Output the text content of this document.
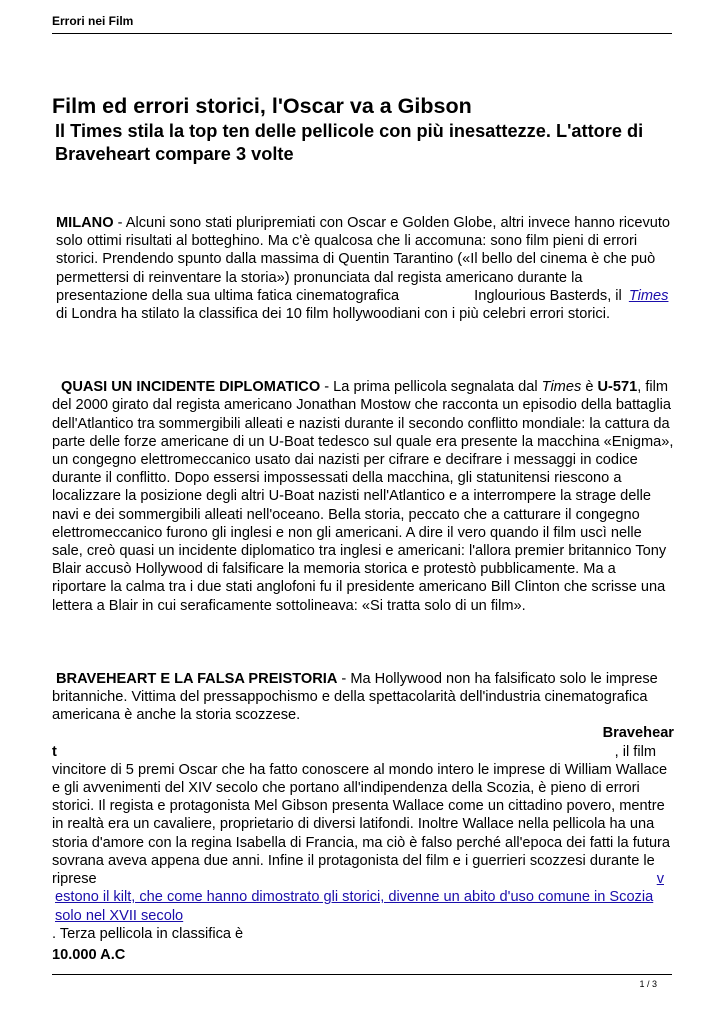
Errori nei Film
Film ed errori storici, l'Oscar va a Gibson
Il Times stila la top ten delle pellicole con più inesattezze. L'attore di Braveheart compare 3 volte

MILANO - Alcuni sono stati pluripremiati con Oscar e Golden Globe, altri invece hanno ricevuto solo ottimi risultati al botteghino. Ma c'è qualcosa che li accomuna: sono film pieni di errori storici. Prendendo spunto dalla massima di Quentin Tarantino («Il bello del cinema è che può permettersi di reinventare la storia») pronunciata dal regista americano durante la presentazione della sua ultima fatica cinematografica	Inglourious Basterds, il Times
di Londra ha stilato la classifica dei 10 film hollywoodiani con i più celebri errori storici.

QUASI UN INCIDENTE DIPLOMATICO - La prima pellicola segnalata dal Times è U-571, film del 2000 girato dal regista americano Jonathan Mostow che racconta un episodio della battaglia dell'Atlantico tra sommergibili alleati e nazisti durante il secondo conflitto mondiale: la cattura da parte delle forze americane di un U-Boat tedesco sul quale era presente la macchina «Enigma», un congegno elettromeccanico usato dai nazisti per cifrare e decifrare i messaggi in codice durante il conflitto. Dopo essersi impossessati della macchina, gli statunitensi riescono a localizzare la posizione degli altri U-Boat nazisti nell'Atlantico e a interrompere la strage delle navi e dei sommergibili alleati nell'oceano. Bella storia, peccato che a catturare il congegno elettromeccanico furono gli inglesi e non gli americani. A dire il vero quando il film uscì nelle sale, creò quasi un incidente diplomatico tra inglesi e americani: l'allora premier britannico Tony Blair accusò Hollywood di falsificare la memoria storica e protestò pubblicamente. Ma a riportare la calma tra i due stati anglofoni fu il presidente americano Bill Clinton che scrisse una lettera a Blair in cui seraficamente sottolineava: «Si tratta solo di un film».

BRAVEHEART E LA FALSA PREISTORIA - Ma Hollywood non ha falsificato solo le imprese britanniche. Vittima del pressappochismo e della spettacolarità dell'industria cinematografica americana è anche la storia scozzese.
Bravehear
t	, il film
vincitore di 5 premi Oscar che ha fatto conoscere al mondo intero le imprese di William Wallace e gli avvenimenti del XIV secolo che portano all'indipendenza della Scozia, è pieno di errori storici. Il regista e protagonista Mel Gibson presenta Wallace come un cittadino povero, mentre in realtà era un cavaliere, proprietario di diversi latifondi. Inoltre Wallace nella pellicola ha una storia d'amore con la regina Isabella di Francia, ma ciò è falso perché all'epoca dei fatti la futura sovrana aveva appena due anni. Infine il protagonista del film e i guerrieri scozzesi durante le
riprese	v
estono il kilt, che come hanno dimostrato gli storici, divenne un abito d'uso comune in Scozia
solo nel XVII secolo
. Terza pellicola in classifica è
10.000 A.C

1 / 3
